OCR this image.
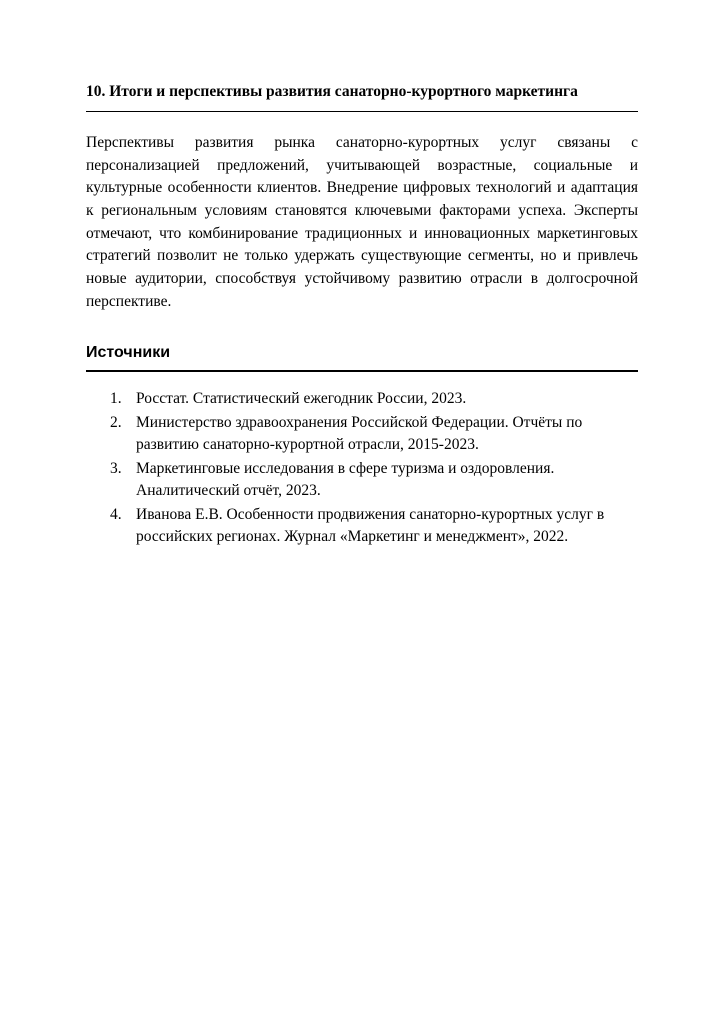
10. Итоги и перспективы развития санаторно-курортного маркетинга

Перспективы развития рынка санаторно-курортных услуг связаны с персонализацией предложений, учитывающей возрастные, социальные и культурные особенности клиентов. Внедрение цифровых технологий и адаптация к региональным условиям становятся ключевыми факторами успеха. Эксперты отмечают, что комбинирование традиционных и инновационных маркетинговых стратегий позволит не только удержать существующие сегменты, но и привлечь новые аудитории, способствуя устойчивому развитию отрасли в долгосрочной перспективе.

Источники
1. Росстат. Статистический ежегодник России, 2023.
2. Министерство здравоохранения Российской Федерации. Отчёты по развитию санаторно-курортной отрасли, 2015-2023.
3. Маркетинговые исследования в сфере туризма и оздоровления. Аналитический отчёт, 2023.
4. Иванова Е.В. Особенности продвижения санаторно-курортных услуг в российских регионах. Журнал «Маркетинг и менеджмент», 2022.
